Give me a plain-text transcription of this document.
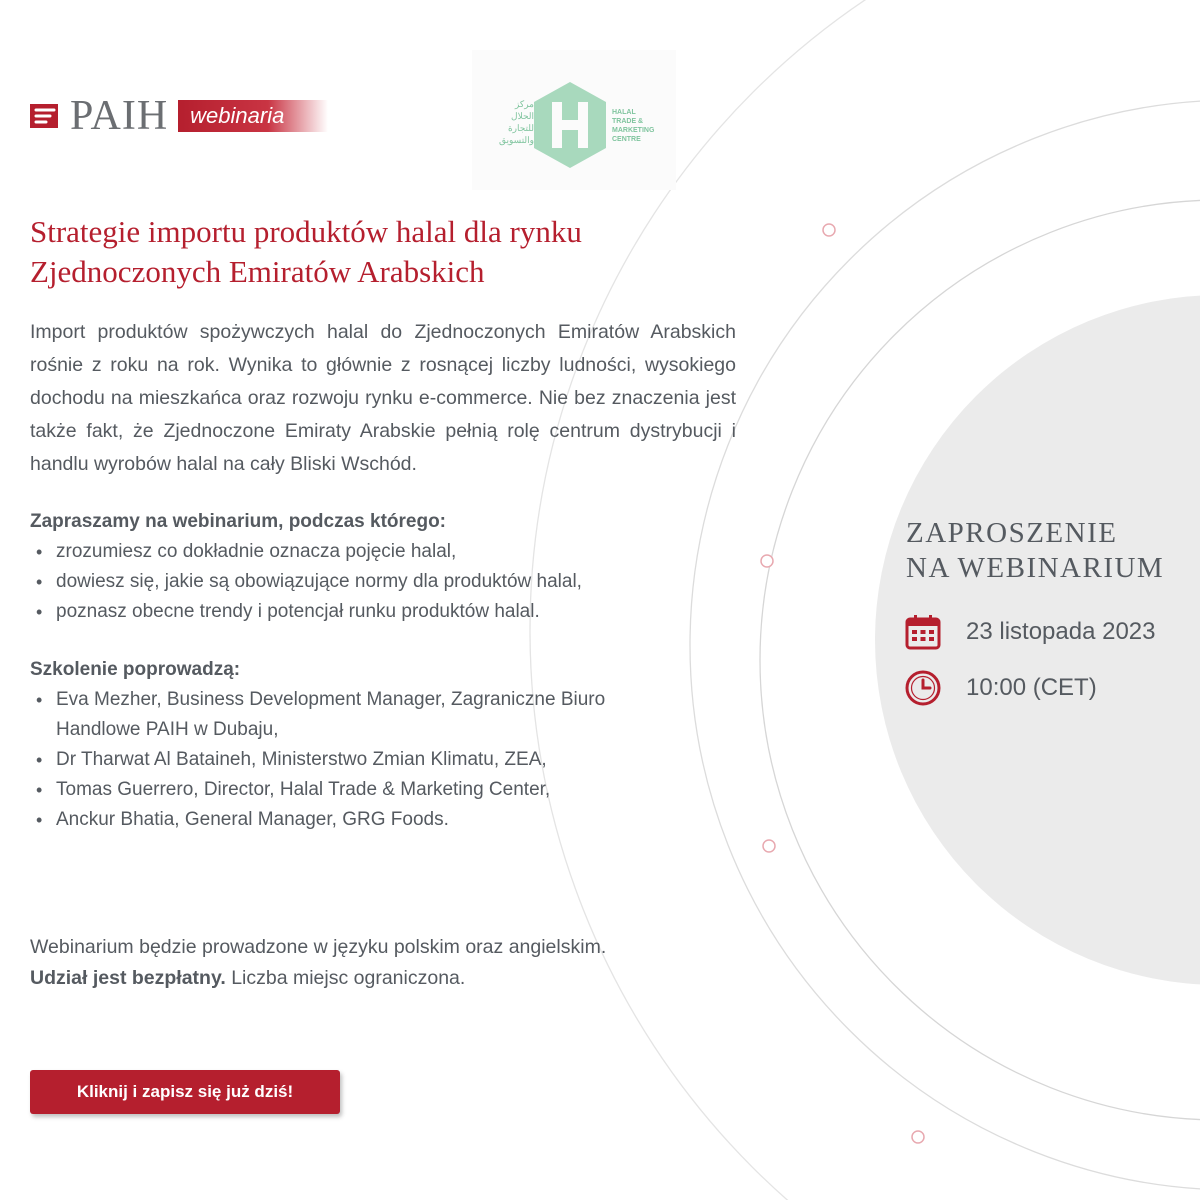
PAIH webinaria	مركز الحلال للتجارة والتسويق
HALAL
TRADE &
MARKETING
CENTRE
Strategie importu produktów halal dla rynku
Zjednoczonych Emiratów Arabskich

Import produktów spożywczych halal do Zjednoczonych Emiratów Arabskich rośnie z roku na rok. Wynika to głównie z rosnącej liczby ludności, wysokiego dochodu na mieszkańca oraz rozwoju rynku e-commerce. Nie bez znaczenia jest także fakt, że Zjednoczone Emiraty Arabskie pełnią rolę centrum dystrybucji i handlu wyrobów halal na cały Bliski Wschód.

Zapraszamy na webinarium, podczas którego:

• zrozumiesz co dokładnie oznacza pojęcie halal,
• dowiesz się, jakie są obowiązujące normy dla produktów halal,
• poznasz obecne trendy i potencjał runku produktów halal.

Szkolenie poprowadzą:

• Eva Mezher, Business Development Manager, Zagraniczne Biuro Handlowe PAIH w Dubaju,
• Dr Tharwat Al Bataineh, Ministerstwo Zmian Klimatu, ZEA,
• Tomas Guerrero, Director, Halal Trade & Marketing Center,
• Anckur Bhatia, General Manager, GRG Foods.

Webinarium będzie prowadzone w języku polskim oraz angielskim.
Udział jest bezpłatny. Liczba miejsc ograniczona.

Kliknij i zapisz się już dziś!
ZAPROSZENIE
NA WEBINARIUM
23 listopada 2023
10:00 (CET)
